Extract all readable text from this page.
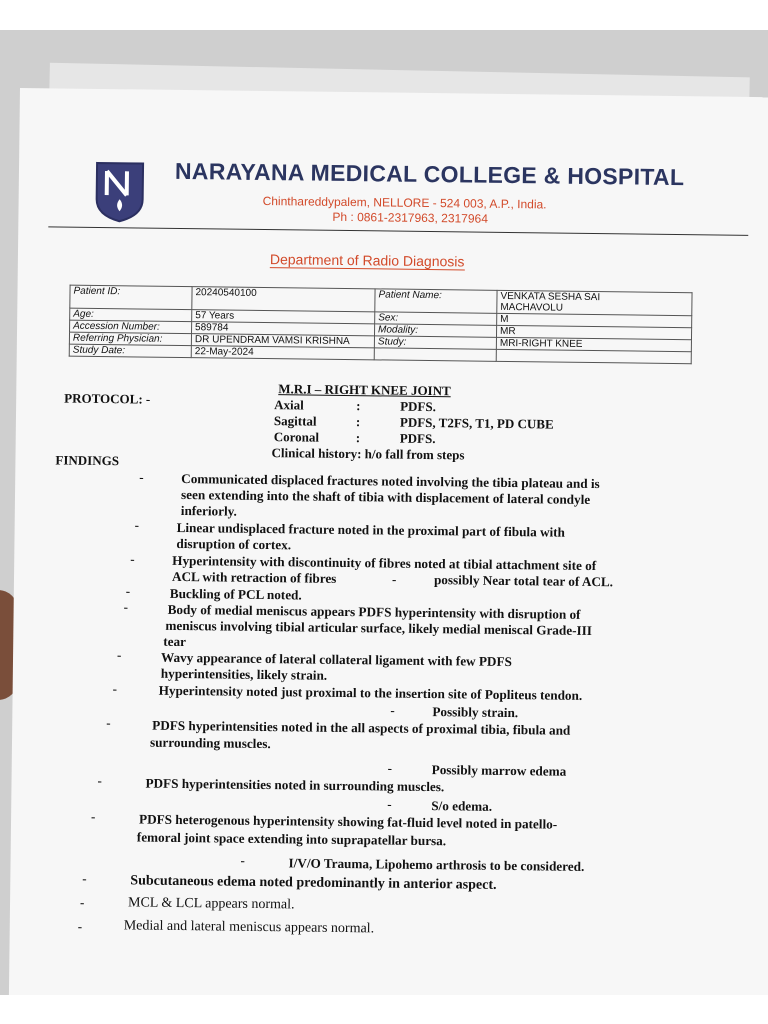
NARAYANA MEDICAL COLLEGE & HOSPITAL
Chinthareddypalem, NELLORE - 524 003, A.P., India.
Ph : 0861-2317963, 2317964
Department of Radio Diagnosis
Patient ID:	20240540100	Patient Name:	VENKATA SESHA SAI
MACHAVOLU
Age:	57 Years	Sex:	M
Accession Number:	589784	Modality:	MR
Referring Physician:	DR UPENDRAM VAMSI KRISHNA	Study:	MRI-RIGHT KNEE
Study Date:	22-May-2024		
PROTOCOL: -
M.R.I – RIGHT KNEE JOINT
Axial	:	PDFS.
Sagittal	:	PDFS, T2FS, T1, PD CUBE
Coronal	:	PDFS.
Clinical history: h/o fall from steps
FINDINGS
-	Communicated displaced fractures noted involving the tibia plateau and is
seen extending into the shaft of tibia with displacement of lateral condyle
inferiorly.
-	Linear undisplaced fracture noted in the proximal part of fibula with
disruption of cortex.
-	Hyperintensity with discontinuity of fibres noted at tibial attachment site of
ACL with retraction of fibres	-	possibly Near total tear of ACL.
-	Buckling of PCL noted.
-	Body of medial meniscus appears PDFS hyperintensity with disruption of
meniscus involving tibial articular surface, likely medial meniscal Grade-III
tear
-	Wavy appearance of lateral collateral ligament with few PDFS
hyperintensities, likely strain.
-	Hyperintensity noted just proximal to the insertion site of Popliteus tendon.
-	Possibly strain.
-	PDFS hyperintensities noted in the all aspects of proximal tibia, fibula and
surrounding muscles.
-	Possibly marrow edema
-	PDFS hyperintensities noted in surrounding muscles.
-	S/o edema.
-	PDFS heterogenous hyperintensity showing fat-fluid level noted in patello-
femoral joint space extending into suprapatellar bursa.
-	I/V/O Trauma, Lipohemo arthrosis to be considered.
-	Subcutaneous edema noted predominantly in anterior aspect.
-	MCL & LCL appears normal.
-	Medial and lateral meniscus appears normal.
